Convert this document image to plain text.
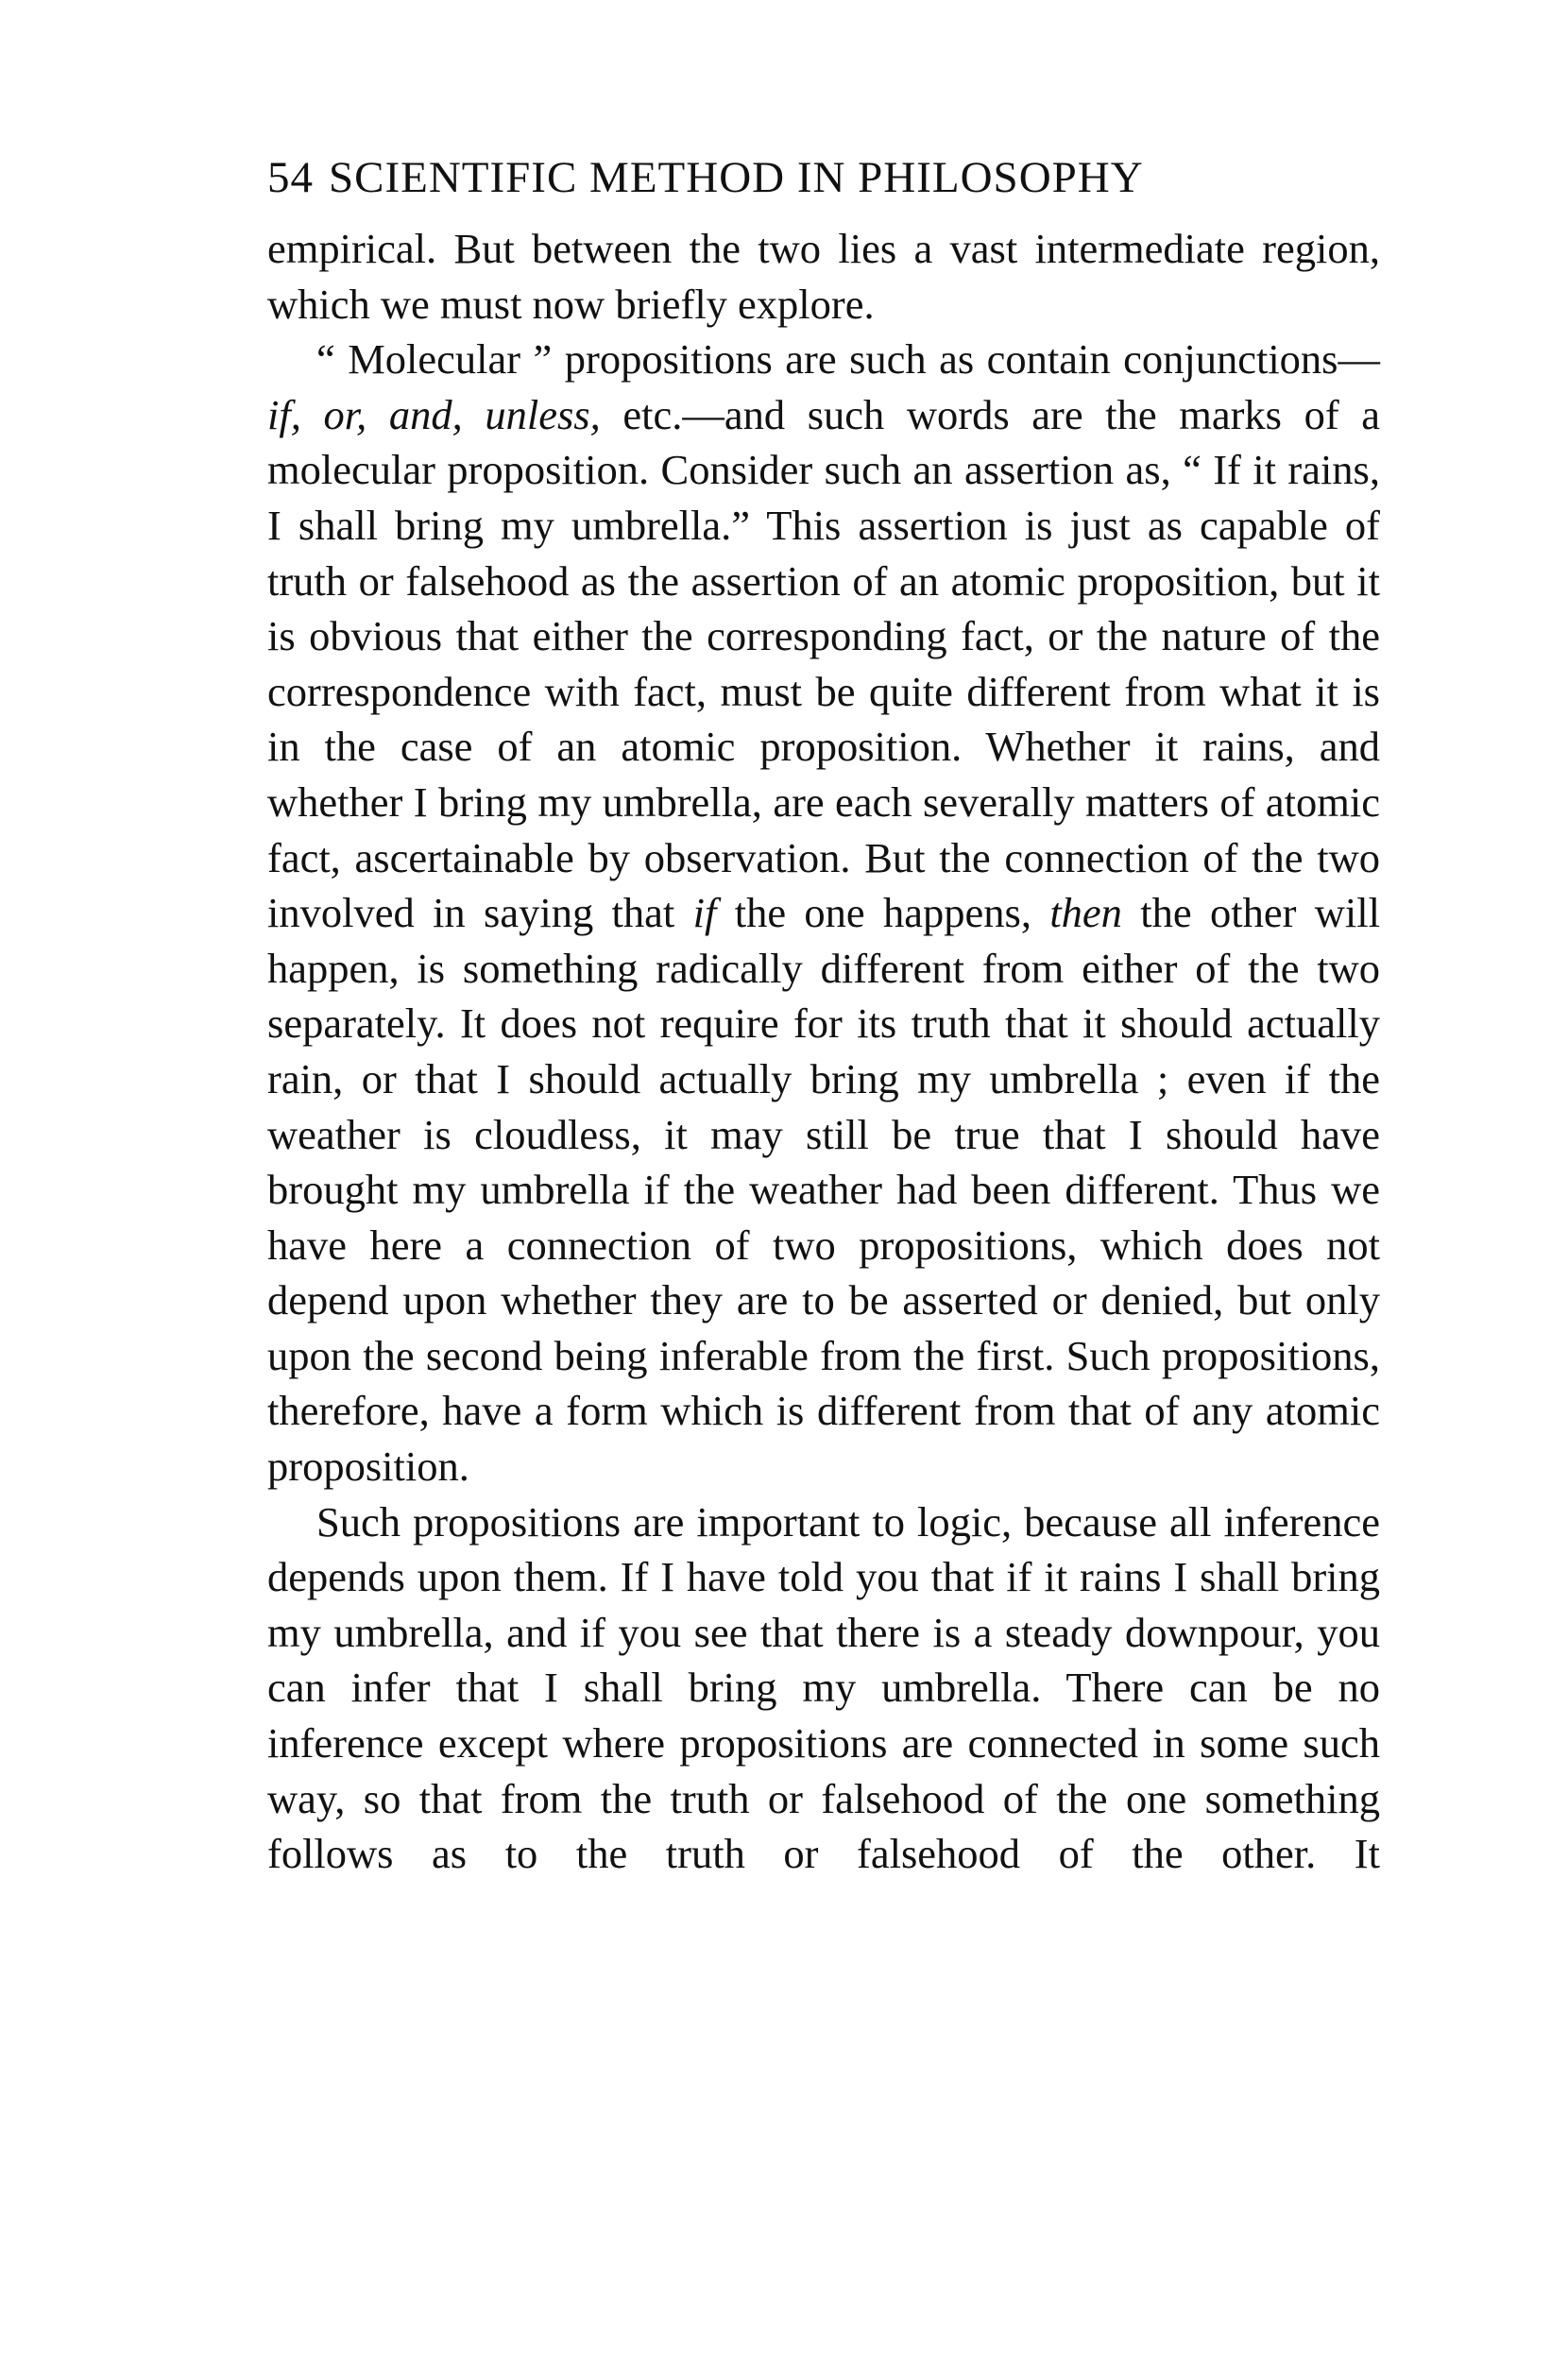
54 SCIENTIFIC METHOD IN PHILOSOPHY

empirical. But between the two lies a vast intermediate region, which we must now briefly explore.

“ Molecular ” propositions are such as contain conjunctions—if, or, and, unless, etc.—and such words are the marks of a molecular proposition. Consider such an assertion as, “ If it rains, I shall bring my umbrella.” This assertion is just as capable of truth or falsehood as the assertion of an atomic proposition, but it is obvious that either the corresponding fact, or the nature of the correspondence with fact, must be quite different from what it is in the case of an atomic proposition. Whether it rains, and whether I bring my umbrella, are each severally matters of atomic fact, ascertainable by observation. But the connection of the two involved in saying that if the one happens, then the other will happen, is something radically different from either of the two separately. It does not require for its truth that it should actually rain, or that I should actually bring my umbrella ; even if the weather is cloudless, it may still be true that I should have brought my umbrella if the weather had been different. Thus we have here a connection of two propositions, which does not depend upon whether they are to be asserted or denied, but only upon the second being inferable from the first. Such propositions, therefore, have a form which is different from that of any atomic proposition.

Such propositions are important to logic, because all inference depends upon them. If I have told you that if it rains I shall bring my umbrella, and if you see that there is a steady downpour, you can infer that I shall bring my umbrella. There can be no inference except where propositions are connected in some such way, so that from the truth or falsehood of the one something follows as to the truth or falsehood of the other. It
